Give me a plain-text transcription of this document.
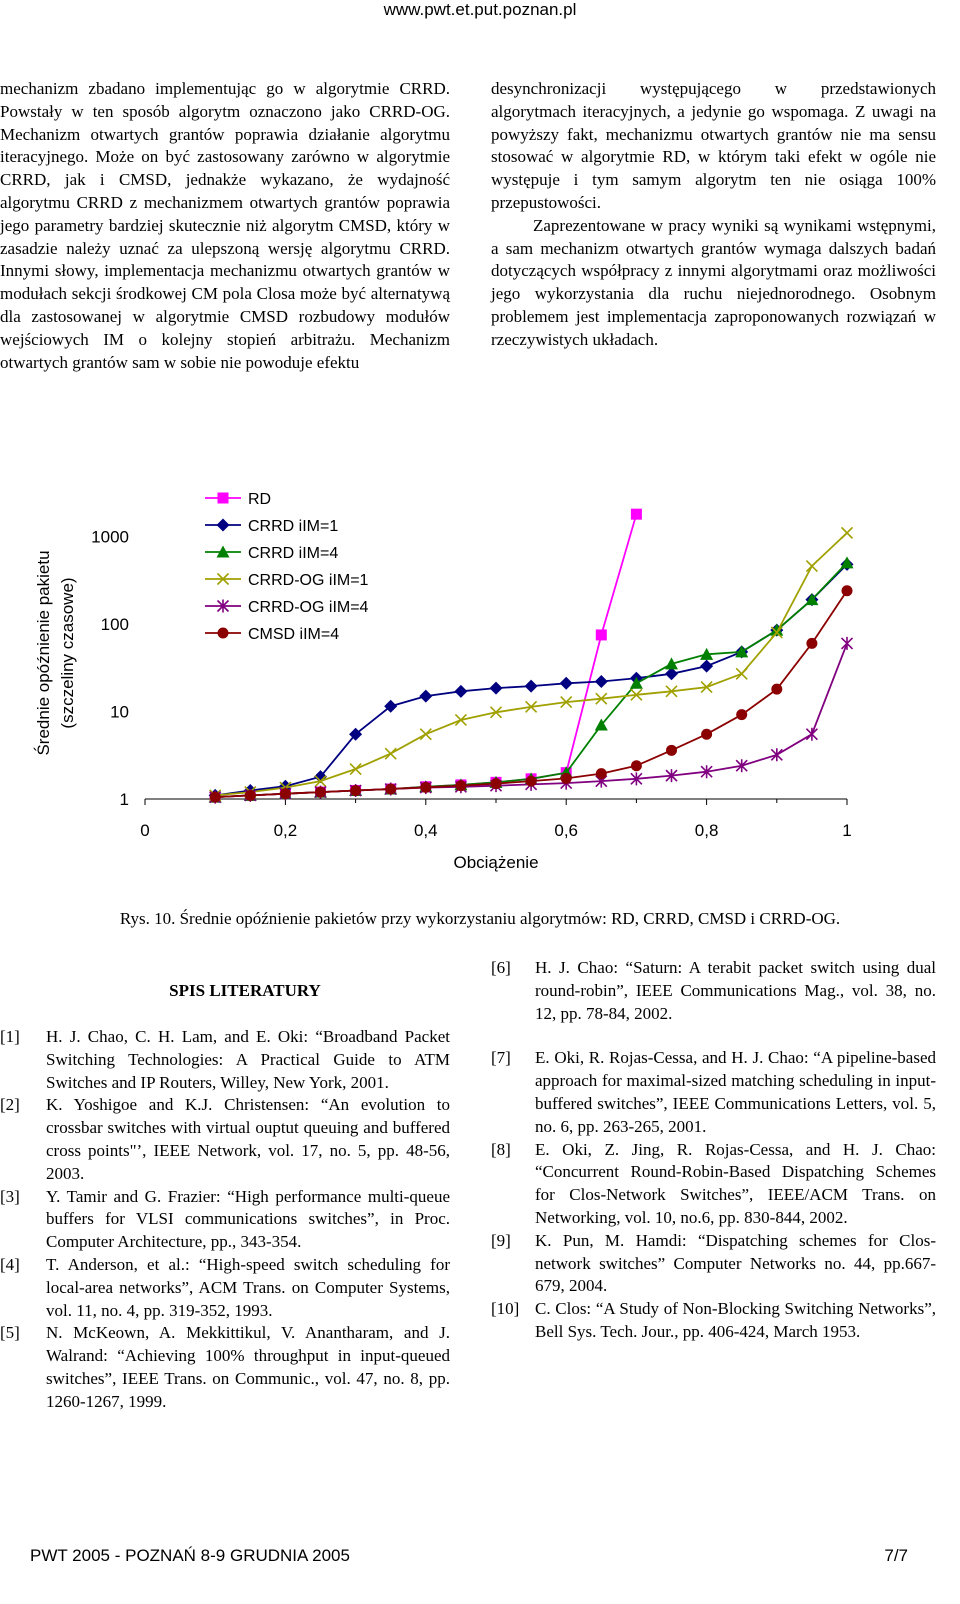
www.pwt.et.put.poznan.pl

mechanizm zbadano implementując go w algorytmie CRRD. Powstały w ten sposób algorytm oznaczono jako CRRD-OG. Mechanizm otwartych grantów poprawia działanie algorytmu iteracyjnego. Może on być zastosowany zarówno w algorytmie CRRD, jak i CMSD, jednakże wykazano, że wydajność algorytmu CRRD z mechanizmem otwartych grantów poprawia jego parametry bardziej skutecznie niż algorytm CMSD, który w zasadzie należy uznać za ulepszoną wersję algorytmu CRRD. Innymi słowy, implementacja mechanizmu otwartych grantów w modułach sekcji środkowej CM pola Closa może być alternatywą dla zastosowanej w algorytmie CMSD rozbudowy modułów wejściowych IM o kolejny stopień arbitrażu. Mechanizm otwartych grantów sam w sobie nie powoduje efektu

desynchronizacji występującego w przedstawionych algorytmach iteracyjnych, a jedynie go wspomaga. Z uwagi na powyższy fakt, mechanizmu otwartych grantów nie ma sensu stosować w algorytmie RD, w którym taki efekt w ogóle nie występuje i tym samym algorytm ten nie osiąga 100% przepustowości.

Zaprezentowane w pracy wyniki są wynikami wstępnymi, a sam mechanizm otwartych grantów wymaga dalszych badań dotyczących współpracy z innymi algorytmami oraz możliwości jego wykorzystania dla ruchu niejednorodnego. Osobnym problemem jest implementacja zaproponowanych rozwiązań w rzeczywistych układach.

0	0,2	0,4	0,6	0,8	1
1
10
100
1000
Obciążenie
Średnie opóźnienie pakietu (szczeliny czasowe)
RD
CRRD iIM=1
CRRD iIM=4
CRRD-OG iIM=1
CRRD-OG iIM=4
CMSD iIM=4
Rys. 10. Średnie opóźnienie pakietów przy wykorzystaniu algorytmów: RD, CRRD, CMSD i CRRD-OG.
SPIS LITERATURY
[1] H. J. Chao, C. H. Lam, and E. Oki: “Broadband Packet Switching Technologies: A Practical Guide to ATM Switches and IP Routers, Willey, New York, 2001.
[2] K. Yoshigoe and K.J. Christensen: “An evolution to crossbar switches with virtual ouptut queuing and buffered cross points"’, IEEE Network, vol. 17, no. 5, pp. 48-56, 2003.
[3] Y. Tamir and G. Frazier: “High performance multi-queue buffers for VLSI communications switches”, in Proc. Computer Architecture, pp., 343-354.
[4] T. Anderson, et al.: “High-speed switch scheduling for local-area networks”, ACM Trans. on Computer Systems, vol. 11, no. 4, pp. 319-352, 1993.
[5] N. McKeown, A. Mekkittikul, V. Anantharam, and J. Walrand: “Achieving 100% throughput in input-queued switches”, IEEE Trans. on Communic., vol. 47, no. 8, pp. 1260-1267, 1999.
[6] H. J. Chao: “Saturn: A terabit packet switch using dual round-robin”, IEEE Communications Mag., vol. 38, no. 12, pp. 78-84, 2002.
[7] E. Oki, R. Rojas-Cessa, and H. J. Chao: “A pipeline-based approach for maximal-sized matching scheduling in input-buffered switches”, IEEE Communications Letters, vol. 5, no. 6, pp. 263-265, 2001.
[8] E. Oki, Z. Jing, R. Rojas-Cessa, and H. J. Chao: “Concurrent Round-Robin-Based Dispatching Schemes for Clos-Network Switches”, IEEE/ACM Trans. on Networking, vol. 10, no.6, pp. 830-844, 2002.
[9] K. Pun, M. Hamdi: “Dispatching schemes for Clos-network switches” Computer Networks no. 44, pp.667-679, 2004.
[10] C. Clos: “A Study of Non-Blocking Switching Networks”, Bell Sys. Tech. Jour., pp. 406-424, March 1953.
PWT 2005 - POZNAŃ 8-9 GRUDNIA 2005	7/7
